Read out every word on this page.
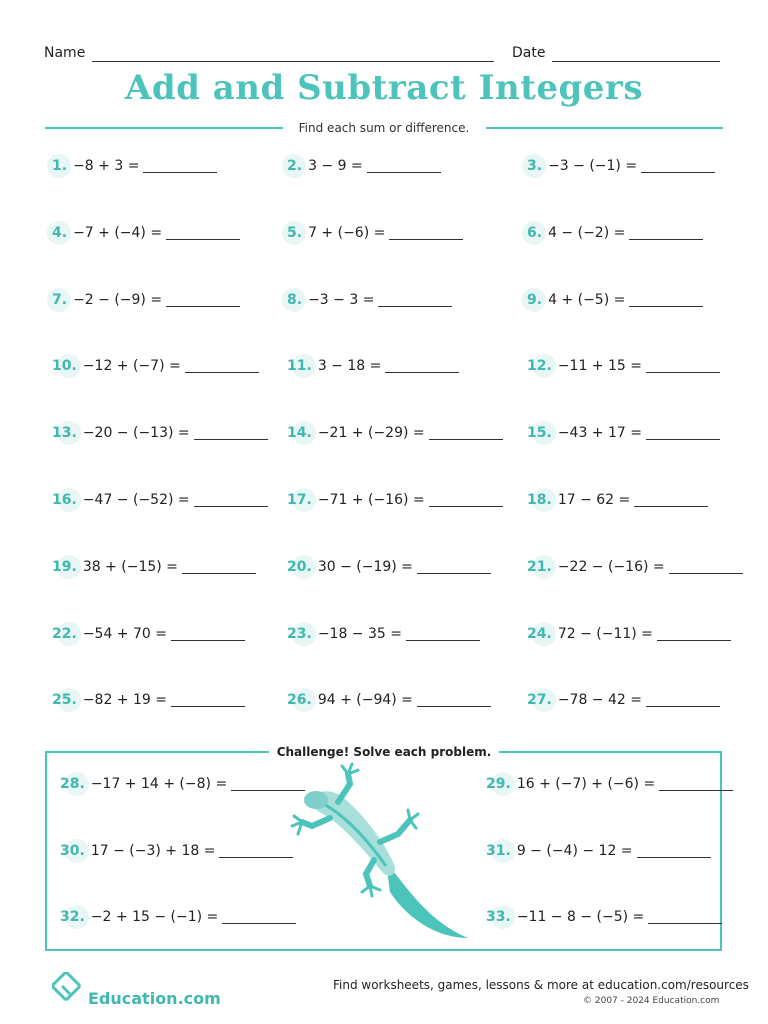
Name	Date
Add and Subtract Integers
Find each sum or difference.
1. −8 + 3 =	2. 3 − 9 =	3. −3 − (−1) =
4. −7 + (−4) =	5. 7 + (−6) =	6. 4 − (−2) =
7. −2 − (−9) =	8. −3 − 3 =	9. 4 + (−5) =
10. −12 + (−7) =	11. 3 − 18 =	12. −11 + 15 =
13. −20 − (−13) =	14. −21 + (−29) =	15. −43 + 17 =
16. −47 − (−52) =	17. −71 + (−16) =	18. 17 − 62 =
19. 38 + (−15) =	20. 30 − (−19) =	21. −22 − (−16) =
22. −54 + 70 =	23. −18 − 35 =	24. 72 − (−11) =
25. −82 + 19 =	26. 94 + (−94) =	27. −78 − 42 =
Challenge! Solve each problem.
28. −17 + 14 + (−8) =	29. 16 + (−7) + (−6) =
30. 17 − (−3) + 18 =	31. 9 − (−4) − 12 =
32. −2 + 15 − (−1) =	33. −11 − 8 − (−5) =
Education.com
Find worksheets, games, lessons & more at education.com/resources
© 2007 - 2024 Education.com
